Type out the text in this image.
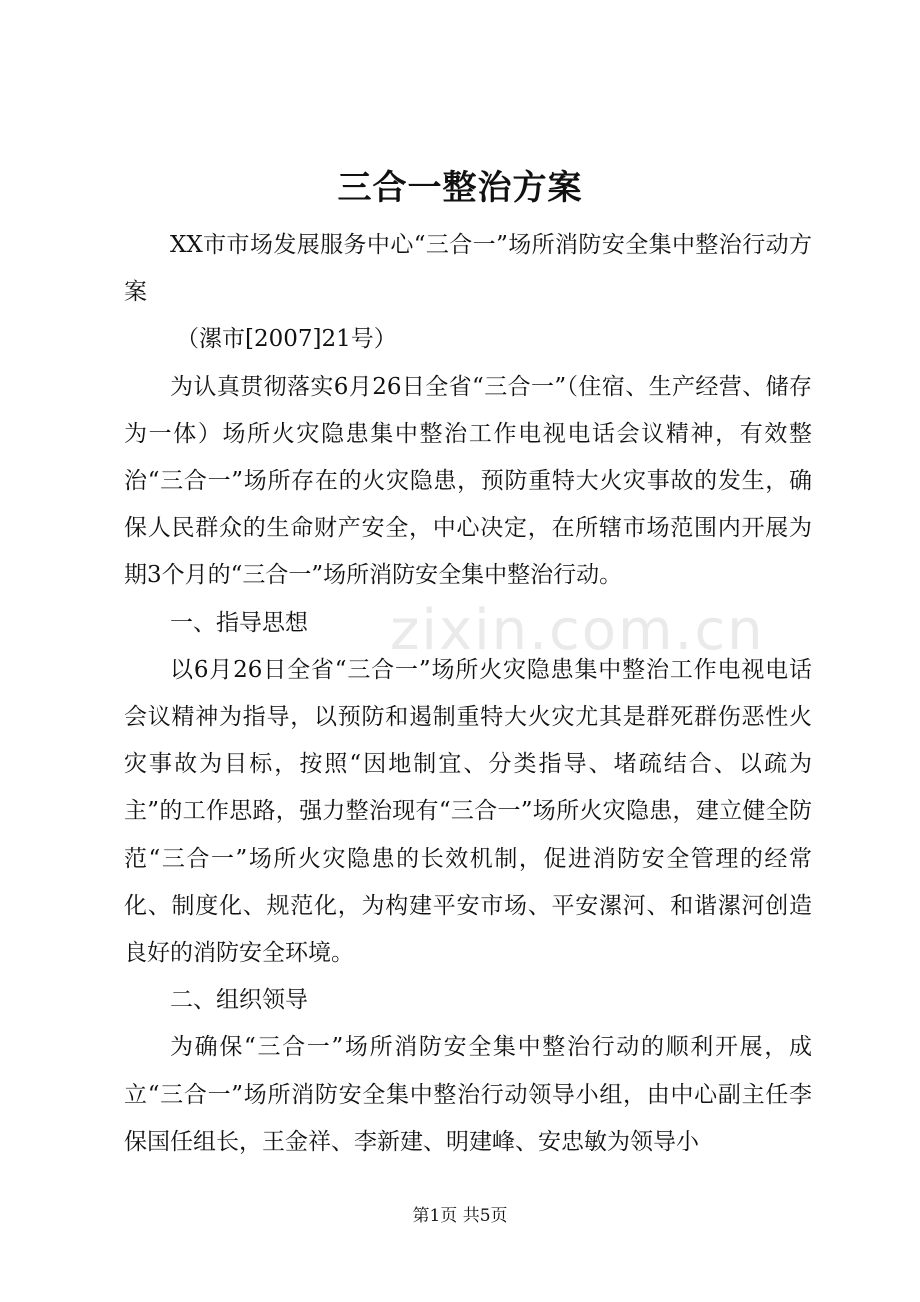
zixin.com.cn
三合一整治方案

XX市市场发展服务中心“三合一”场所消防安全集中整治行动方案

（漯市[2007]21号）

为认真贯彻落实6月26日全省“三合一”（住宿、生产经营、储存为一体）场所火灾隐患集中整治工作电视电话会议精神，有效整治“三合一”场所存在的火灾隐患，预防重特大火灾事故的发生，确保人民群众的生命财产安全，中心决定，在所辖市场范围内开展为期3个月的“三合一”场所消防安全集中整治行动。

一、指导思想

以6月26日全省“三合一”场所火灾隐患集中整治工作电视电话会议精神为指导，以预防和遏制重特大火灾尤其是群死群伤恶性火灾事故为目标，按照“因地制宜、分类指导、堵疏结合、以疏为主”的工作思路，强力整治现有“三合一”场所火灾隐患，建立健全防范“三合一”场所火灾隐患的长效机制，促进消防安全管理的经常化、制度化、规范化，为构建平安市场、平安漯河、和谐漯河创造良好的消防安全环境。

二、组织领导

为确保“三合一”场所消防安全集中整治行动的顺利开展，成立“三合一”场所消防安全集中整治行动领导小组，由中心副主任李保国任组长，王金祥、李新建、明建峰、安忠敏为领导小

第1页 共5页
